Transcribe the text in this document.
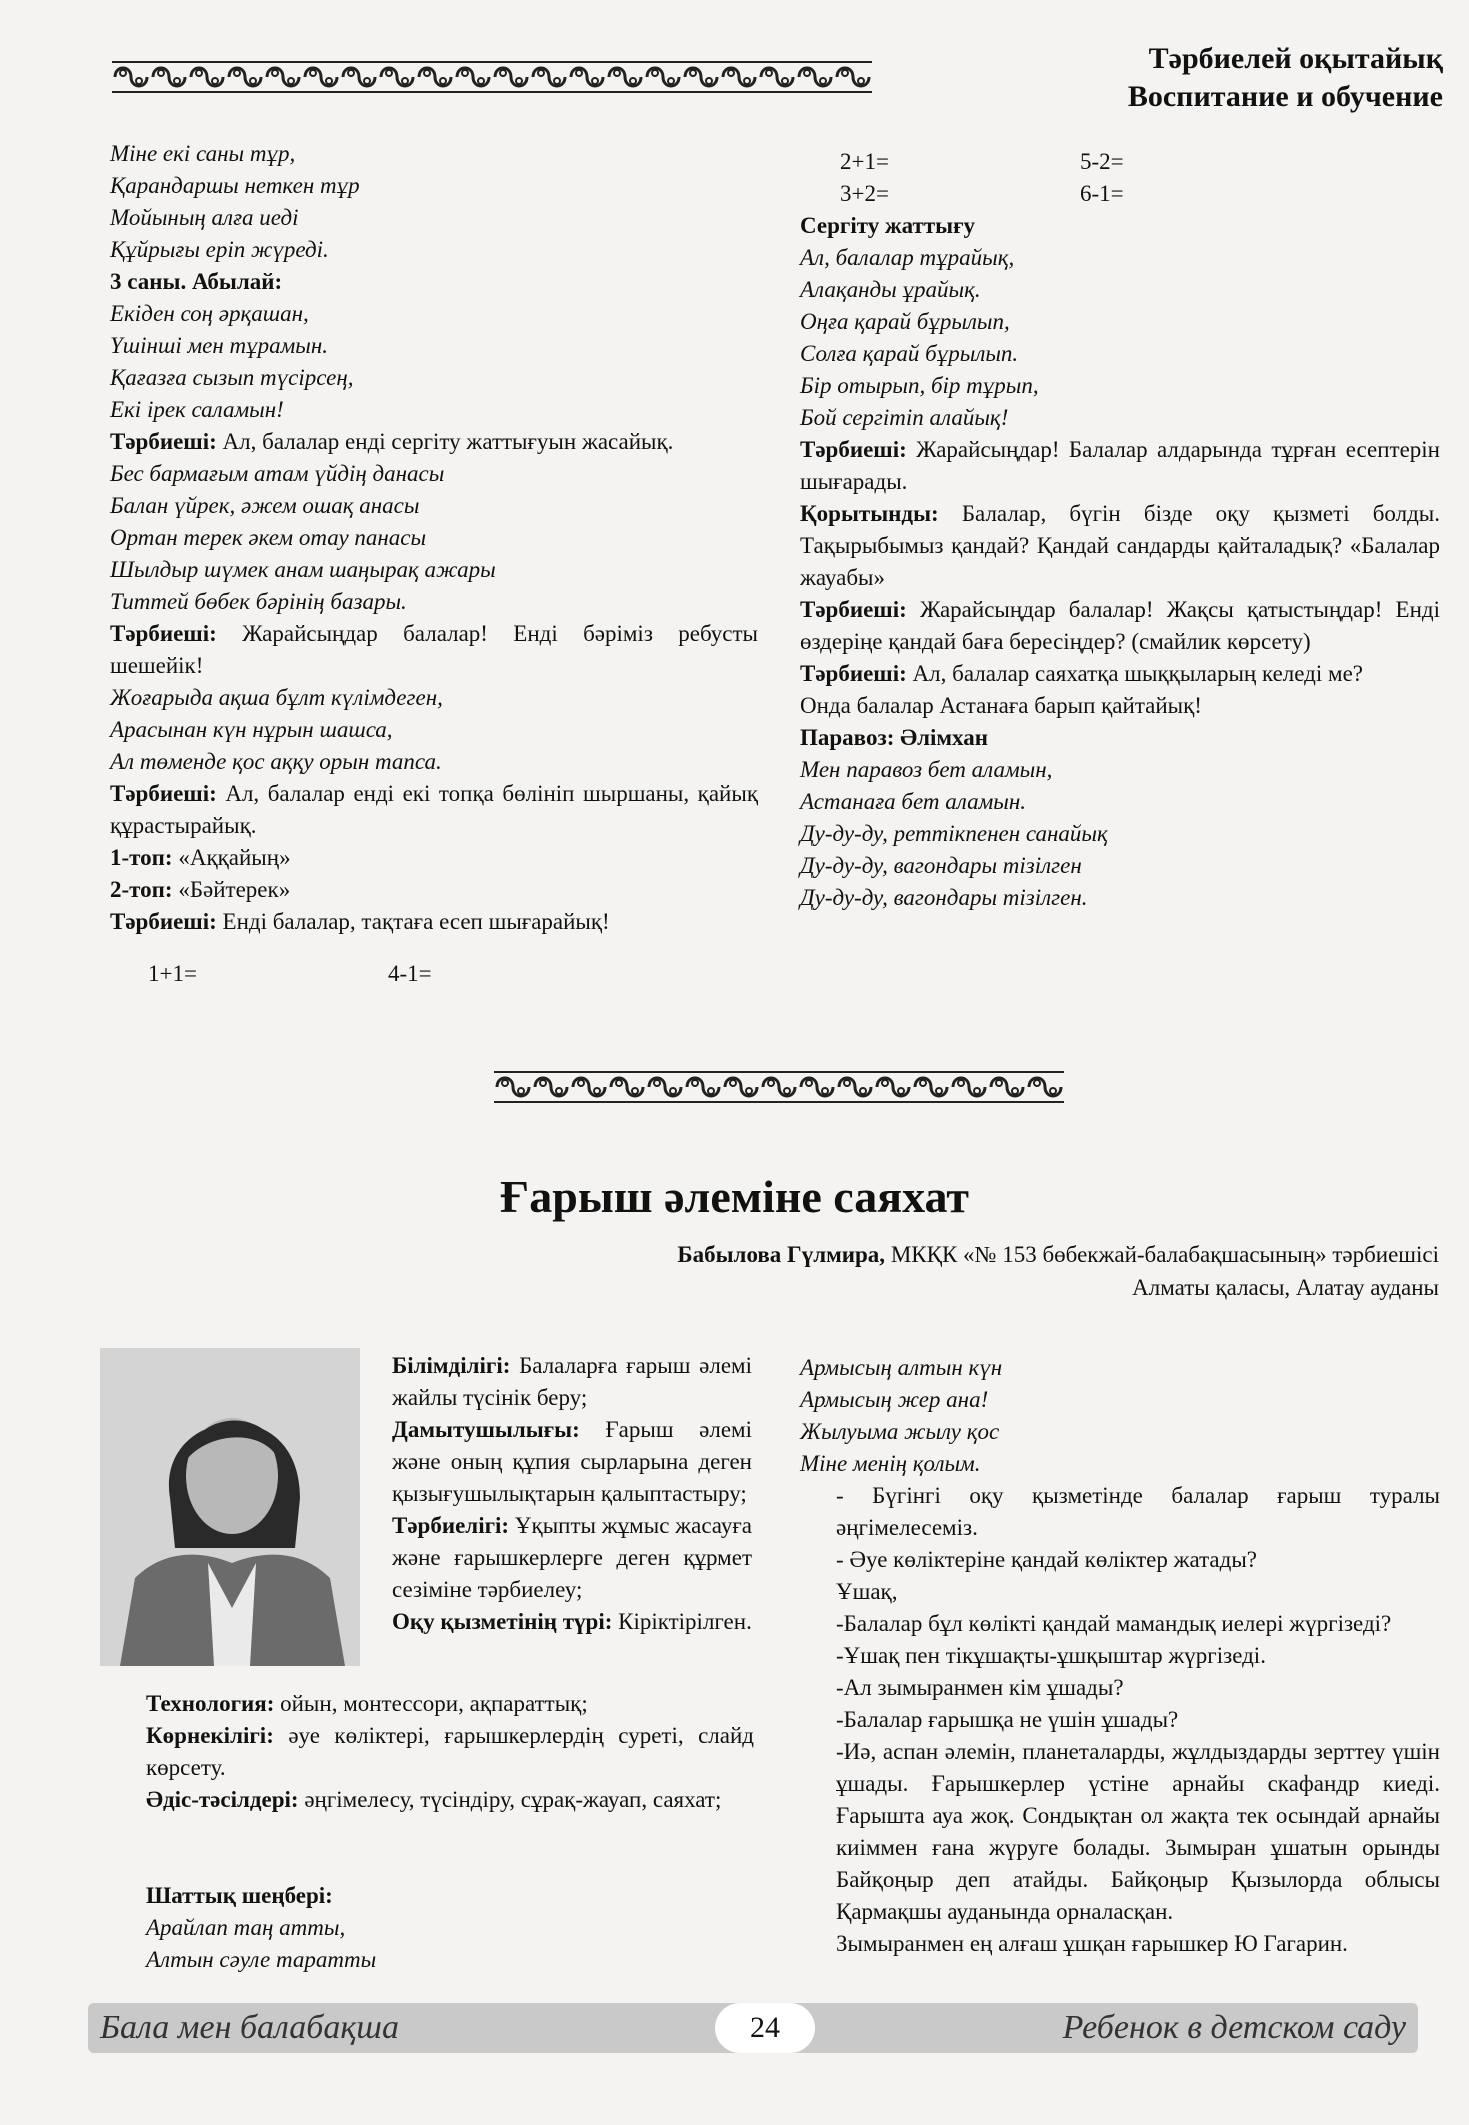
Тәрбиелей оқытайық
Воспитание и обучение

Міне екі саны тұр,

Қарандаршы неткен тұр

Мойының алға иеді

Құйрығы еріп жүреді.

3 саны. Абылай:

Екіден соң әрқашан,

Үшінші мен тұрамын.

Қағазға сызып түсірсең,

Екі ірек саламын!

Тәрбиеші: Ал, балалар енді сергіту жаттығуын жасайық.

Бес бармағым атам үйдің данасы

Балан үйрек, әжем ошақ анасы

Ортан терек әкем отау панасы

Шылдыр шүмек анам шаңырақ ажары

Титтей бөбек бәрінің базары.

Тәрбиеші: Жарайсыңдар балалар! Енді бәріміз ребусты шешейік!

Жоғарыда ақша бұлт күлімдеген,

Арасынан күн нұрын шашса,

Ал төменде қос аққу орын тапса.

Тәрбиеші: Ал, балалар енді екі топқа бөлініп шыршаны, қайық құрастырайық.

1-топ: «Аққайың»

2-топ: «Бәйтерек»

Тәрбиеші: Енді балалар, тақтаға есеп шығарайық!

1+1=	4-1=
2+1=	5-2=
3+2=	6-1=

Сергіту жаттығу

Ал, балалар тұрайық,

Алақанды ұрайық.

Оңға қарай бұрылып,

Солға қарай бұрылып.

Бір отырып, бір тұрып,

Бой сергітіп алайық!

Тәрбиеші: Жарайсыңдар! Балалар алдарында тұрған есептерін шығарады.

Қорытынды: Балалар, бүгін бізде оқу қызметі болды. Тақырыбымыз қандай? Қандай сандарды қайталадық? «Балалар жауабы»

Тәрбиеші: Жарайсыңдар балалар! Жақсы қатыстыңдар! Енді өздеріңе қандай баға бересіңдер? (смайлик көрсету)

Тәрбиеші: Ал, балалар саяхатқа шыққыларың келеді ме?

Онда балалар Астанаға барып қайтайық!

Паравоз: Әлімхан

Мен паравоз бет аламын,

Астанаға бет аламын.

Ду-ду-ду, реттікпенен санайық

Ду-ду-ду, вагондары тізілген

Ду-ду-ду, вагондары тізілген.

Ғарыш әлеміне саяхат
Бабылова Гүлмира, МКҚК «№ 153 бөбекжай-балабақшасының» тәрбиешісі
Алматы қаласы, Алатау ауданы

Білімділігі: Балаларға ғарыш әлемі жайлы түсінік беру;

Дамытушылығы: Ғарыш әлемі және оның құпия сырларына деген қызығушылықтарын қалыптастыру;

Тәрбиелігі: Ұқыпты жұмыс жасауға және ғарышкерлерге деген құрмет сезіміне тәрбиелеу;

Оқу қызметінің түрі: Кіріктірілген.

Технология: ойын, монтессори, ақпараттық;

Көрнекілігі: әуе көліктері, ғарышкерлердің суреті, слайд көрсету.

Әдіс-тәсілдері: әңгімелесу, түсіндіру, сұрақ-жауап, саяхат;

Шаттық шеңбері:
Арайлап таң атты,
Алтын сәуле таратты

Армысың алтын күн

Армысың жер ана!

Жылуыма жылу қос

Міне менің қолым.

- Бүгінгі оқу қызметінде балалар ғарыш туралы әңгімелесеміз.

- Әуе көліктеріне қандай көліктер жатады?

Ұшақ,

-Балалар бұл көлікті қандай мамандық иелері жүргізеді?

-Ұшақ пен тікұшақты-ұшқыштар жүргізеді.

-Ал зымыранмен кім ұшады?

-Балалар ғарышқа не үшін ұшады?

-Иә, аспан әлемін, планеталарды, жұлдыздарды зерттеу үшін ұшады. Ғарышкерлер үстіне арнайы скафандр киеді. Ғарышта ауа жоқ. Сондықтан ол жақта тек осындай арнайы киіммен ғана жүруге болады. Зымыран ұшатын орынды Байқоңыр деп атайды. Байқоңыр Қызылорда облысы Қармақшы ауданында орналасқан.

Зымыранмен ең алғаш ұшқан ғарышкер Ю Гагарин.

Бала мен балабақша	Ребенок в детском саду
24
